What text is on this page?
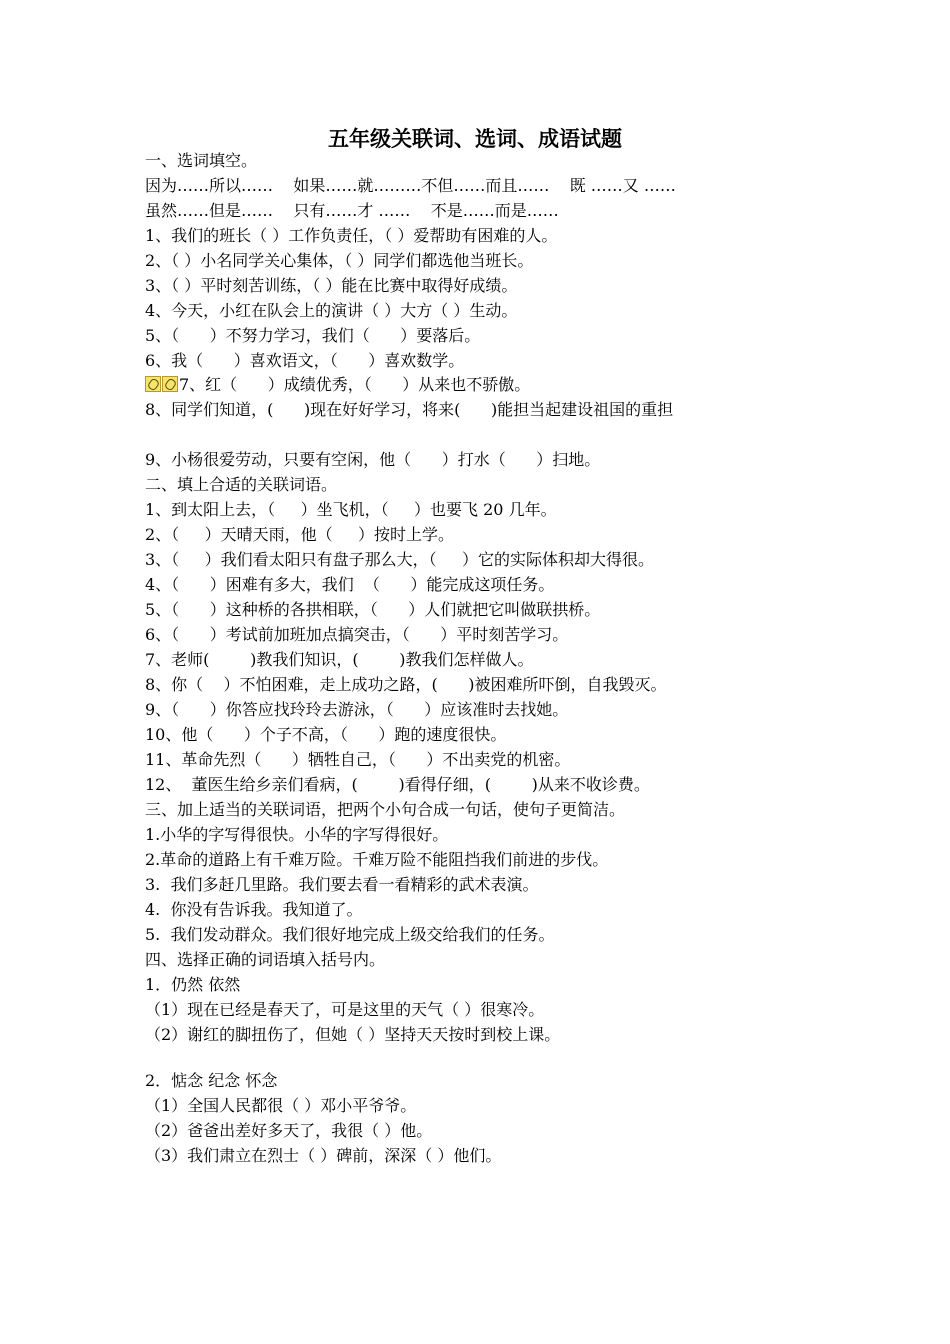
五年级关联词、选词、成语试题
一、选词填空。
因为……所以……    如果……就………不但……而且……    既 ……又 ……
虽然……但是……    只有……才 ……    不是……而是……
1、我们的班长（ ）工作负责任，（ ）爱帮助有困难的人。
2、（ ）小名同学关心集体，（ ）同学们都选他当班长。
3、（ ）平时刻苦训练，（ ）能在比赛中取得好成绩。
4、今天，小红在队会上的演讲（ ）大方（ ）生动。
5、（      ）不努力学习，我们（      ）要落后。
6、我（      ）喜欢语文，（      ）喜欢数学。
7、红（      ）成绩优秀，（      ）从来也不骄傲。
8、同学们知道，(      )现在好好学习，将来(      )能担当起建设祖国的重担
9、小杨很爱劳动，只要有空闲，他（      ）打水（      ）扫地。
二、填上合适的关联词语。
1、到太阳上去，（     ）坐飞机，（     ）也要飞 20 几年。
2、（     ）天晴天雨，他（     ）按时上学。
3、（     ）我们看太阳只有盘子那么大，（     ）它的实际体积却大得很。
4、（      ）困难有多大，我们  （      ）能完成这项任务。
5、（      ）这种桥的各拱相联，（      ）人们就把它叫做联拱桥。
6、（      ）考试前加班加点搞突击，（      ）平时刻苦学习。
7、老师(        )教我们知识，(        )教我们怎样做人。
8、你（    ）不怕困难，走上成功之路，(      )被困难所吓倒，自我毁灭。
9、（      ）你答应找玲玲去游泳，（      ）应该准时去找她。
10、他（      ）个子不高，（      ）跑的速度很快。
11、革命先烈（      ）牺牲自己，（      ）不出卖党的机密。
12、  董医生给乡亲们看病，(        )看得仔细，(        )从来不收诊费。
三、加上适当的关联词语，把两个小句合成一句话，使句子更简洁。
1.小华的字写得很快。小华的字写得很好。
2.革命的道路上有千难万险。千难万险不能阻挡我们前进的步伐。
3.  我们多赶几里路。我们要去看一看精彩的武术表演。
4.  你没有告诉我。我知道了。
5.  我们发动群众。我们很好地完成上级交给我们的任务。
四、选择正确的词语填入括号内。
1．仍然 依然
（1）现在已经是春天了，可是这里的天气（ ）很寒冷。
（2）谢红的脚扭伤了，但她（ ）坚持天天按时到校上课。
2．惦念 纪念 怀念
（1）全国人民都很（ ）邓小平爷爷。
（2）爸爸出差好多天了，我很（ ）他。
（3）我们肃立在烈士（ ）碑前，深深（ ）他们。
